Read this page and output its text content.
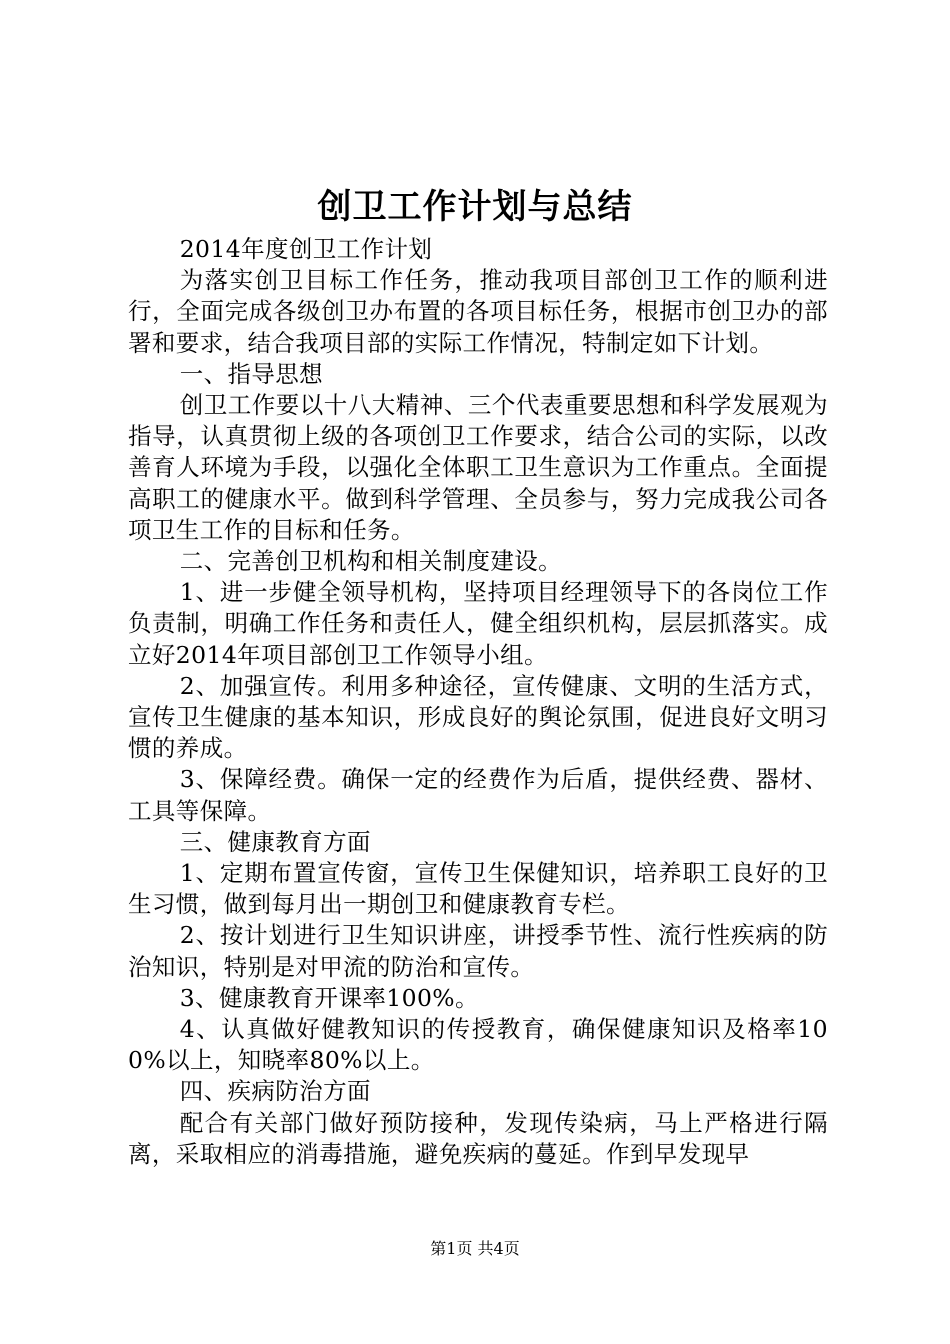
创卫工作计划与总结

2014年度创卫工作计划

为落实创卫目标工作任务，推动我项目部创卫工作的顺利进行，全面完成各级创卫办布置的各项目标任务，根据市创卫办的部署和要求，结合我项目部的实际工作情况，特制定如下计划。

一、指导思想

创卫工作要以十八大精神、三个代表重要思想和科学发展观为指导，认真贯彻上级的各项创卫工作要求，结合公司的实际，以改善育人环境为手段，以强化全体职工卫生意识为工作重点。全面提高职工的健康水平。做到科学管理、全员参与，努力完成我公司各项卫生工作的目标和任务。

二、完善创卫机构和相关制度建设。

1、进一步健全领导机构，坚持项目经理领导下的各岗位工作负责制，明确工作任务和责任人，健全组织机构，层层抓落实。成立好2014年项目部创卫工作领导小组。

2、加强宣传。利用多种途径，宣传健康、文明的生活方式，宣传卫生健康的基本知识，形成良好的舆论氛围，促进良好文明习惯的养成。

3、保障经费。确保一定的经费作为后盾，提供经费、器材、工具等保障。

三、健康教育方面

1、定期布置宣传窗，宣传卫生保健知识，培养职工良好的卫生习惯，做到每月出一期创卫和健康教育专栏。

2、按计划进行卫生知识讲座，讲授季节性、流行性疾病的防治知识，特别是对甲流的防治和宣传。

3、健康教育开课率100%。

4、认真做好健教知识的传授教育，确保健康知识及格率100%以上，知晓率80%以上。

四、疾病防治方面

配合有关部门做好预防接种，发现传染病，马上严格进行隔离，采取相应的消毒措施，避免疾病的蔓延。作到早发现早

第1页 共4页
